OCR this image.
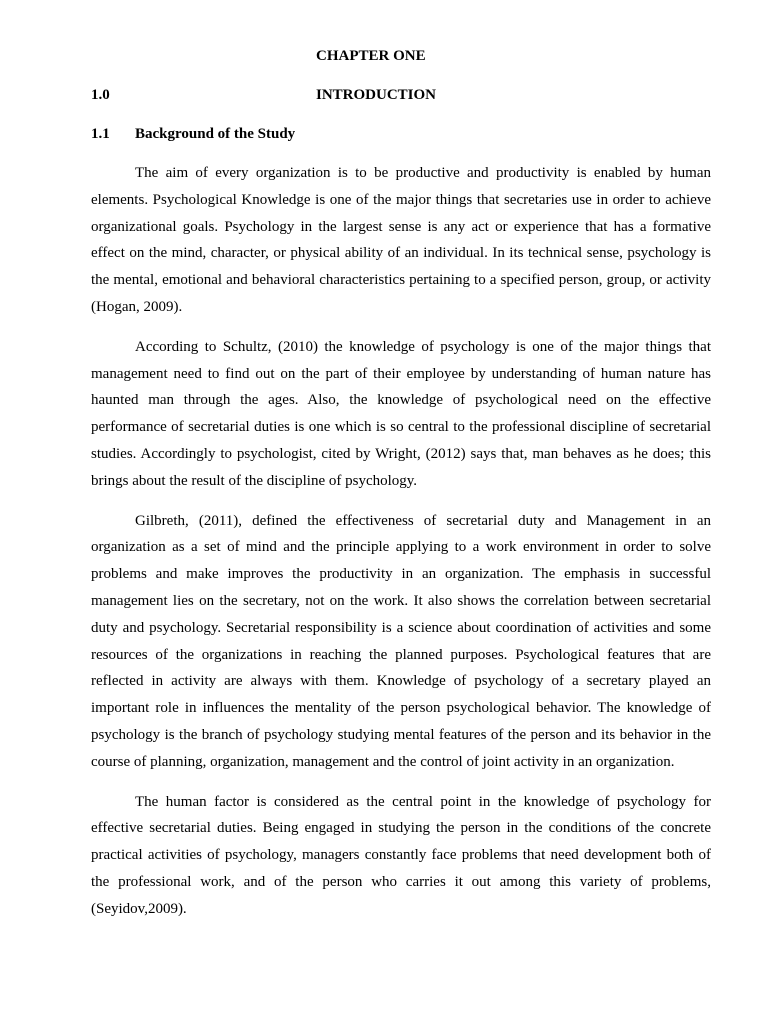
CHAPTER ONE

1.0	INTRODUCTION
1.1 Background of the Study

The aim of every organization is to be productive and productivity is enabled by human elements. Psychological Knowledge is one of the major things that secretaries use in order to achieve organizational goals. Psychology in the largest sense is any act or experience that has a formative effect on the mind, character, or physical ability of an individual. In its technical sense, psychology is the mental, emotional and behavioral characteristics pertaining to a specified person, group, or activity (Hogan, 2009).

According to Schultz, (2010) the knowledge of psychology is one of the major things that management need to find out on the part of their employee by understanding of human nature has haunted man through the ages. Also, the knowledge of psychological need on the effective performance of secretarial duties is one which is so central to the professional discipline of secretarial studies. Accordingly to psychologist, cited by Wright, (2012) says that, man behaves as he does; this brings about the result of the discipline of psychology.

Gilbreth, (2011), defined the effectiveness of secretarial duty and Management in an organization as a set of mind and the principle applying to a work environment in order to solve problems and make improves the productivity in an organization. The emphasis in successful management lies on the secretary, not on the work. It also shows the correlation between secretarial duty and psychology. Secretarial responsibility is a science about coordination of activities and some resources of the organizations in reaching the planned purposes. Psychological features that are reflected in activity are always with them. Knowledge of psychology of a secretary played an important role in influences the mentality of the person psychological behavior. The knowledge of psychology is the branch of psychology studying mental features of the person and its behavior in the course of planning, organization, management and the control of joint activity in an organization.

The human factor is considered as the central point in the knowledge of psychology for effective secretarial duties. Being engaged in studying the person in the conditions of the concrete practical activities of psychology, managers constantly face problems that need development both of the professional work, and of the person who carries it out among this variety of problems, (Seyidov,2009).
